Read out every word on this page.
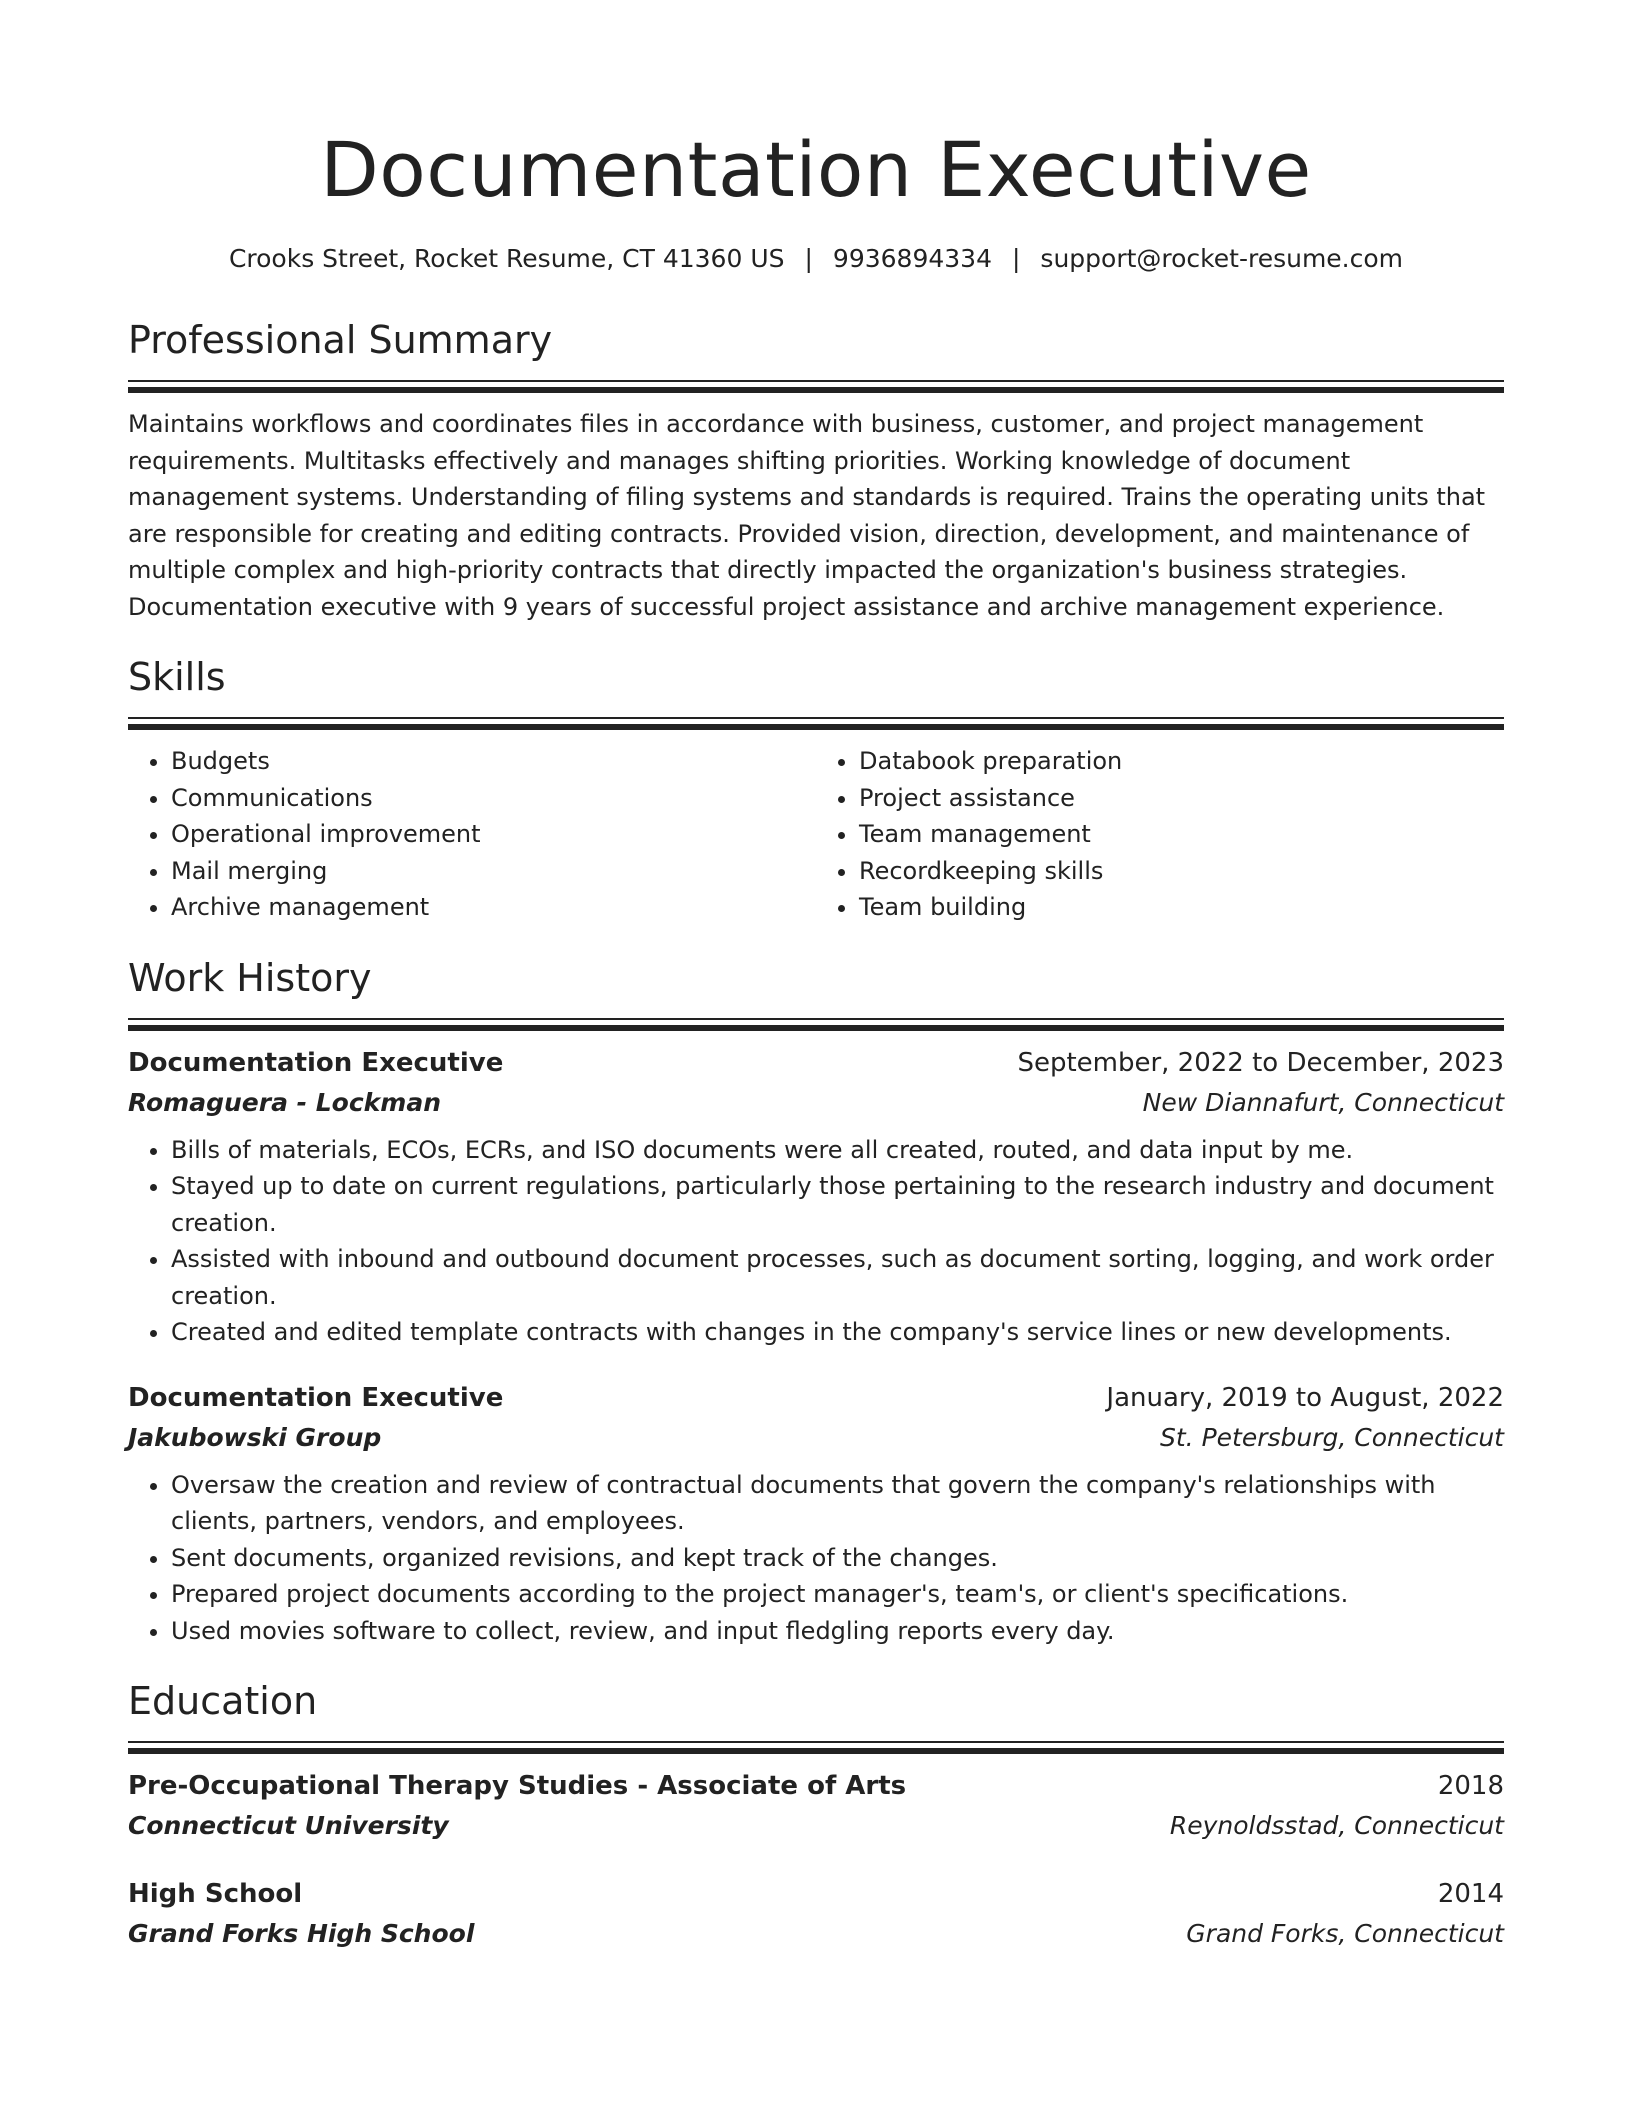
Documentation Executive
Crooks Street, Rocket Resume, CT 41360 US | 9936894334 | support@rocket-resume.com
Professional Summary

Maintains workflows and coordinates files in accordance with business, customer, and project management requirements. Multitasks effectively and manages shifting priorities. Working knowledge of document management systems. Understanding of filing systems and standards is required. Trains the operating units that are responsible for creating and editing contracts. Provided vision, direction, development, and maintenance of multiple complex and high-priority contracts that directly impacted the organization's business strategies. Documentation executive with 9 years of successful project assistance and archive management experience.

Skills
• Budgets
• Communications
• Operational improvement
• Mail merging
• Archive management
• Databook preparation
• Project assistance
• Team management
• Recordkeeping skills
• Team building
Work History
Documentation Executive	September, 2022 to December, 2023
Romaguera - Lockman	New Diannafurt, Connecticut
• Bills of materials, ECOs, ECRs, and ISO documents were all created, routed, and data input by me.
• Stayed up to date on current regulations, particularly those pertaining to the research industry and document creation.
• Assisted with inbound and outbound document processes, such as document sorting, logging, and work order creation.
• Created and edited template contracts with changes in the company's service lines or new developments.
Documentation Executive	January, 2019 to August, 2022
Jakubowski Group	St. Petersburg, Connecticut
• Oversaw the creation and review of contractual documents that govern the company's relationships with clients, partners, vendors, and employees.
• Sent documents, organized revisions, and kept track of the changes.
• Prepared project documents according to the project manager's, team's, or client's specifications.
• Used movies software to collect, review, and input fledgling reports every day.
Education
Pre-Occupational Therapy Studies - Associate of Arts	2018
Connecticut University	Reynoldsstad, Connecticut
High School	2014
Grand Forks High School	Grand Forks, Connecticut
